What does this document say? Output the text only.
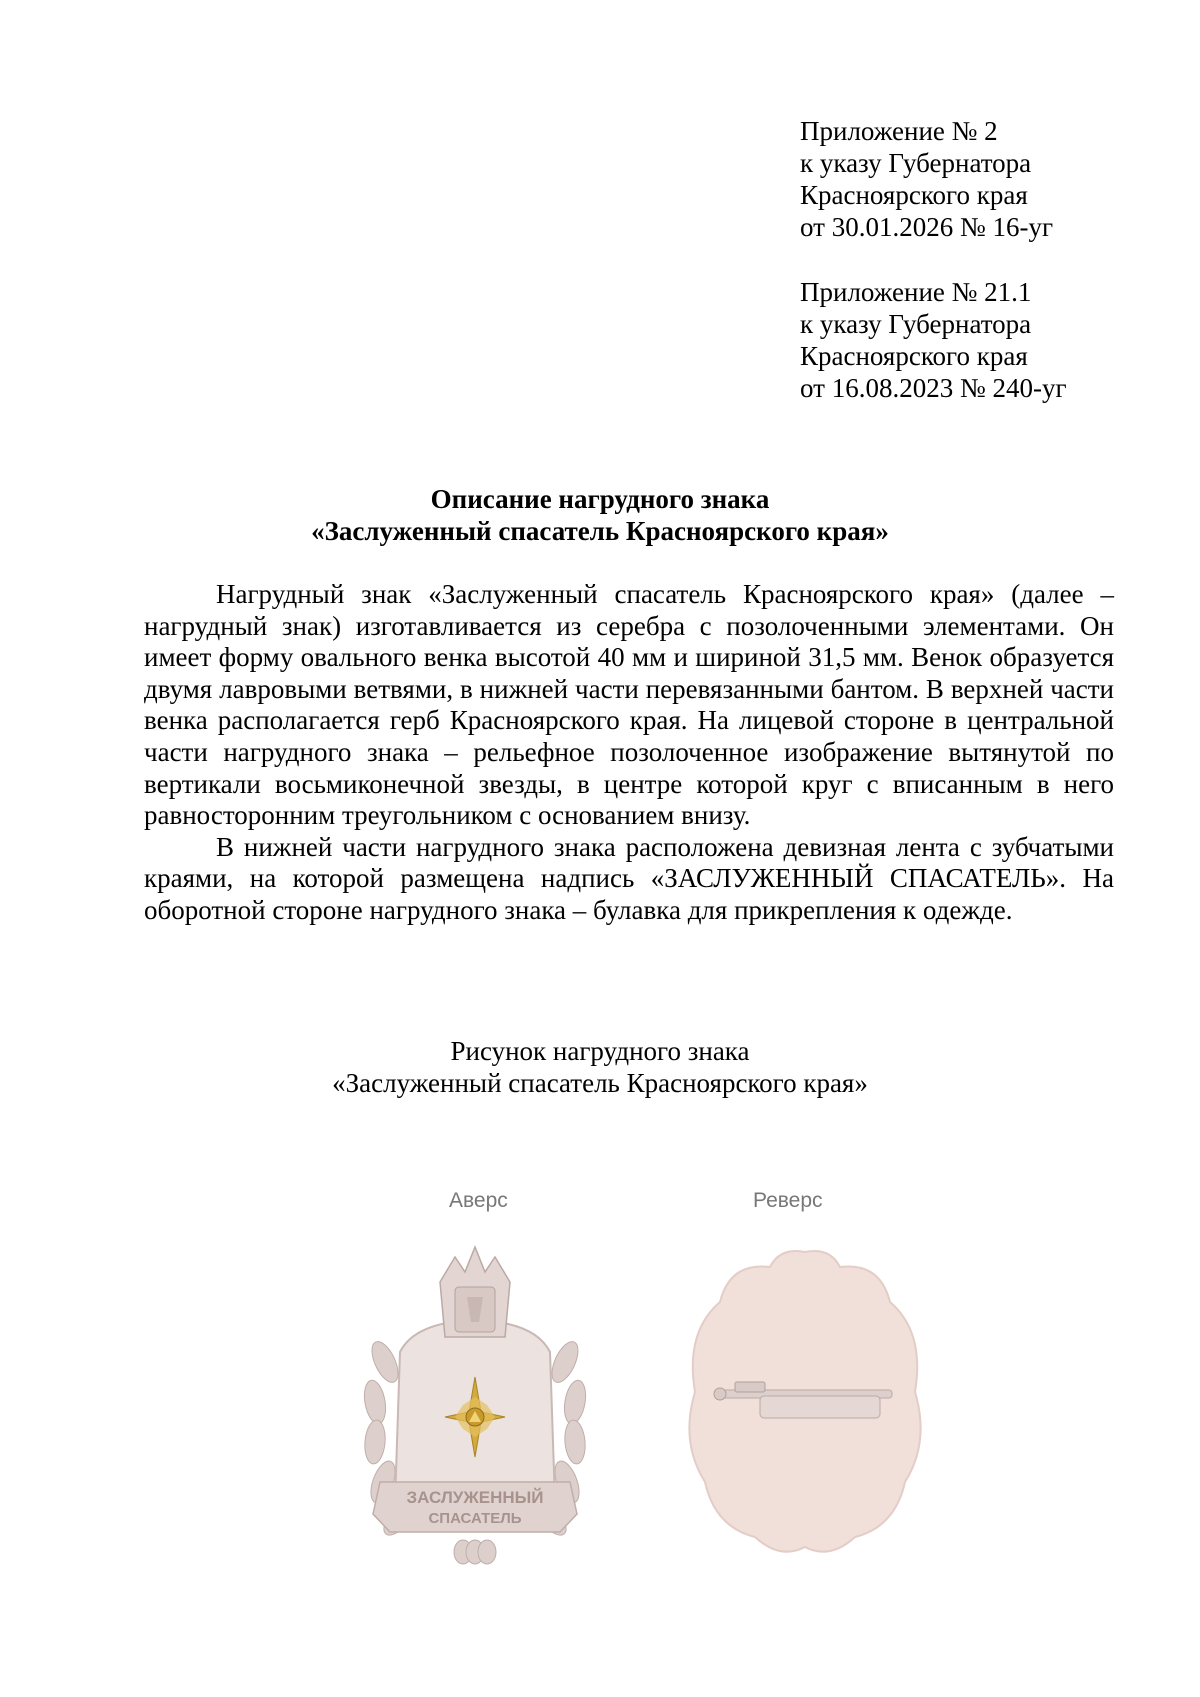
Приложение № 2
к указу Губернатора
Красноярского края
от 30.01.2026 № 16-уг
Приложение № 21.1
к указу Губернатора
Красноярского края
от 16.08.2023 № 240-уг
Описание нагрудного знака
«Заслуженный спасатель Красноярского края»

Нагрудный знак «Заслуженный спасатель Красноярского края» (далее – нагрудный знак) изготавливается из серебра с позолоченными элементами. Он имеет форму овального венка высотой 40 мм и шириной 31,5 мм. Венок образуется двумя лавровыми ветвями, в нижней части перевязанными бантом. В верхней части венка располагается герб Красноярского края. На лицевой стороне в центральной части нагрудного знака – рельефное позолоченное изображение вытянутой по вертикали восьмиконечной звезды, в центре которой круг с вписанным в него равносторонним треугольником с основанием внизу.

В нижней части нагрудного знака расположена девизная лента с зубчатыми краями, на которой размещена надпись «ЗАСЛУЖЕННЫЙ СПАСАТЕЛЬ». На оборотной стороне нагрудного знака – булавка для прикрепления к одежде.

Рисунок нагрудного знака
«Заслуженный спасатель Красноярского края»
Аверс	Реверс
ЗАСЛУЖЕННЫЙ
СПАСАТЕЛЬ
